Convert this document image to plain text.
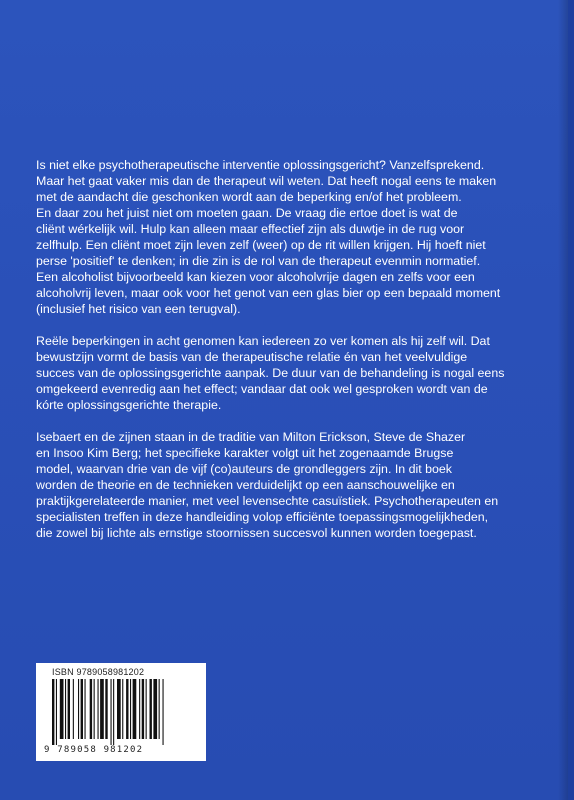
Is niet elke psychotherapeutische interventie oplossingsgericht? Vanzelfsprekend.
Maar het gaat vaker mis dan de therapeut wil weten. Dat heeft nogal eens te maken
met de aandacht die geschonken wordt aan de beperking en/of het probleem.
En daar zou het juist niet om moeten gaan. De vraag die ertoe doet is wat de
cliënt wérkelijk wil. Hulp kan alleen maar effectief zijn als duwtje in de rug voor
zelfhulp. Een cliënt moet zijn leven zelf (weer) op de rit willen krijgen. Hij hoeft niet
perse 'positief' te denken; in die zin is de rol van de therapeut evenmin normatief.
Een alcoholist bijvoorbeeld kan kiezen voor alcoholvrije dagen en zelfs voor een
alcoholvrij leven, maar ook voor het genot van een glas bier op een bepaald moment
(inclusief het risico van een terugval).

Reële beperkingen in acht genomen kan iedereen zo ver komen als hij zelf wil. Dat
bewustzijn vormt de basis van de therapeutische relatie én van het veelvuldige
succes van de oplossingsgerichte aanpak. De duur van de behandeling is nogal eens
omgekeerd evenredig aan het effect; vandaar dat ook wel gesproken wordt van de
kórte oplossingsgerichte therapie.

Isebaert en de zijnen staan in de traditie van Milton Erickson, Steve de Shazer
en Insoo Kim Berg; het specifieke karakter volgt uit het zogenaamde Brugse
model, waarvan drie van de vijf (co)auteurs de grondleggers zijn. In dit boek
worden de theorie en de technieken verduidelijkt op een aanschouwelijke en
praktijkgerelateerde manier, met veel levensechte casuïstiek. Psychotherapeuten en
specialisten treffen in deze handleiding volop efficiënte toepassingsmogelijkheden,
die zowel bij lichte als ernstige stoornissen succesvol kunnen worden toegepast.

ISBN 9789058981202
9 789058 981202
